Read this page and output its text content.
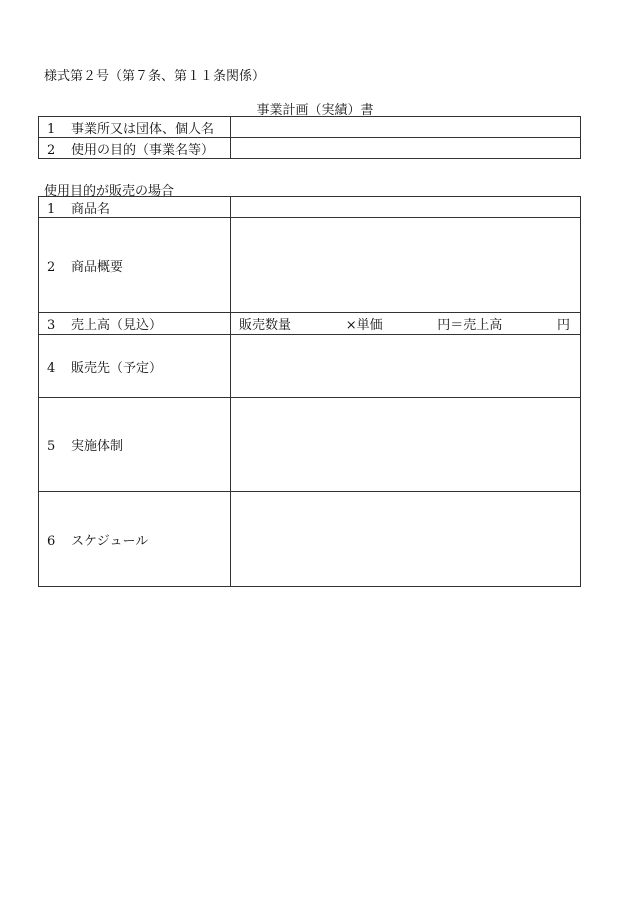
様式第２号（第７条、第１１条関係）
事業計画（実績）書
1 事業所又は団体、個人名	
2 使用の目的（事業名等）	
使用目的が販売の場合
1 商品名	
2 商品概要	
3 売上高（見込）	販売数量 ×単価 円＝売上高 円

4 販売先（予定）	
5 実施体制	
6 スケジュール	
